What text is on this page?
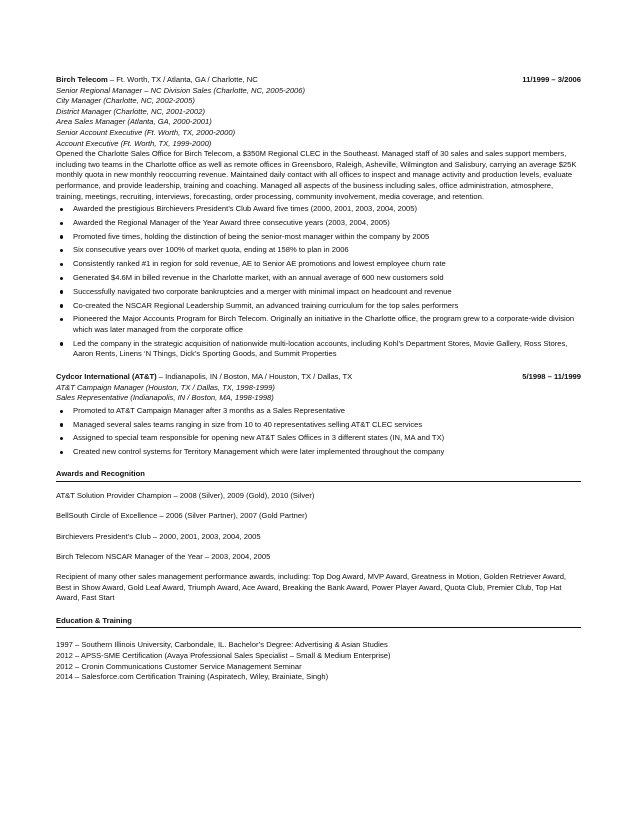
Birch Telecom – Ft. Worth, TX / Atlanta, GA / Charlotte, NC	11/1999 – 3/2006

Senior Regional Manager – NC Division Sales (Charlotte, NC, 2005-2006)

City Manager (Charlotte, NC, 2002-2005)

District Manager (Charlotte, NC, 2001-2002)

Area Sales Manager (Atlanta, GA, 2000-2001)

Senior Account Executive (Ft. Worth, TX, 2000-2000)

Account Executive (Ft. Worth, TX, 1999-2000)

Opened the Charlotte Sales Office for Birch Telecom, a $350M Regional CLEC in the Southeast. Managed staff of 30 sales and sales support members, including two teams in the Charlotte office as well as remote offices in Greensboro, Raleigh, Asheville, Wilmington and Salisbury, carrying an average $25K monthly quota in new monthly reoccurring revenue. Maintained daily contact with all offices to inspect and manage activity and production levels, evaluate performance, and provide leadership, training and coaching. Managed all aspects of the business including sales, office administration, atmosphere, training, meetings, recruiting, interviews, forecasting, order processing, community involvement, media coverage, and retention.

Awarded the prestigious Birchievers President’s Club Award five times (2000, 2001, 2003, 2004, 2005)
Awarded the Regional Manager of the Year Award three consecutive years (2003, 2004, 2005)
Promoted five times, holding the distinction of being the senior-most manager within the company by 2005
Six consecutive years over 100% of market quota, ending at 158% to plan in 2006
Consistently ranked #1 in region for sold revenue, AE to Senior AE promotions and lowest employee churn rate
Generated $4.6M in billed revenue in the Charlotte market, with an annual average of 600 new customers sold
Successfully navigated two corporate bankruptcies and a merger with minimal impact on headcount and revenue
Co-created the NSCAR Regional Leadership Summit, an advanced training curriculum for the top sales performers
Pioneered the Major Accounts Program for Birch Telecom. Originally an initiative in the Charlotte office, the program grew to a corporate-wide division which was later managed from the corporate office
Led the company in the strategic acquisition of nationwide multi-location accounts, including Kohl’s Department Stores, Movie Gallery, Ross Stores, Aaron Rents, Linens ‘N Things, Dick’s Sporting Goods, and Summit Properties
Cydcor International (AT&T) – Indianapolis, IN / Boston, MA / Houston, TX / Dallas, TX	5/1998 – 11/1999

AT&T Campaign Manager (Houston, TX / Dallas, TX, 1998-1999)

Sales Representative (Indianapolis, IN / Boston, MA, 1998-1998)

Promoted to AT&T Campaign Manager after 3 months as a Sales Representative
Managed several sales teams ranging in size from 10 to 40 representatives selling AT&T CLEC services
Assigned to special team responsible for opening new AT&T Sales Offices in 3 different states (IN, MA and TX)
Created new control systems for Territory Management which were later implemented throughout the company
Awards and Recognition

AT&T Solution Provider Champion – 2008 (Silver), 2009 (Gold), 2010 (Silver)

BellSouth Circle of Excellence – 2006 (Silver Partner), 2007 (Gold Partner)

Birchievers President’s Club – 2000, 2001, 2003, 2004, 2005

Birch Telecom NSCAR Manager of the Year – 2003, 2004, 2005

Recipient of many other sales management performance awards, including: Top Dog Award, MVP Award, Greatness in Motion, Golden Retriever Award, Best in Show Award, Gold Leaf Award, Triumph Award, Ace Award, Breaking the Bank Award, Power Player Award, Quota Club, Premier Club, Top Hat Award, Fast Start

Education & Training

1997 – Southern Illinois University, Carbondale, IL. Bachelor’s Degree: Advertising & Asian Studies

2012 – APSS-SME Certification (Avaya Professional Sales Specialist – Small & Medium Enterprise)

2012 – Cronin Communications Customer Service Management Seminar

2014 – Salesforce.com Certification Training (Aspiratech, Wiley, Brainiate, Singh)
